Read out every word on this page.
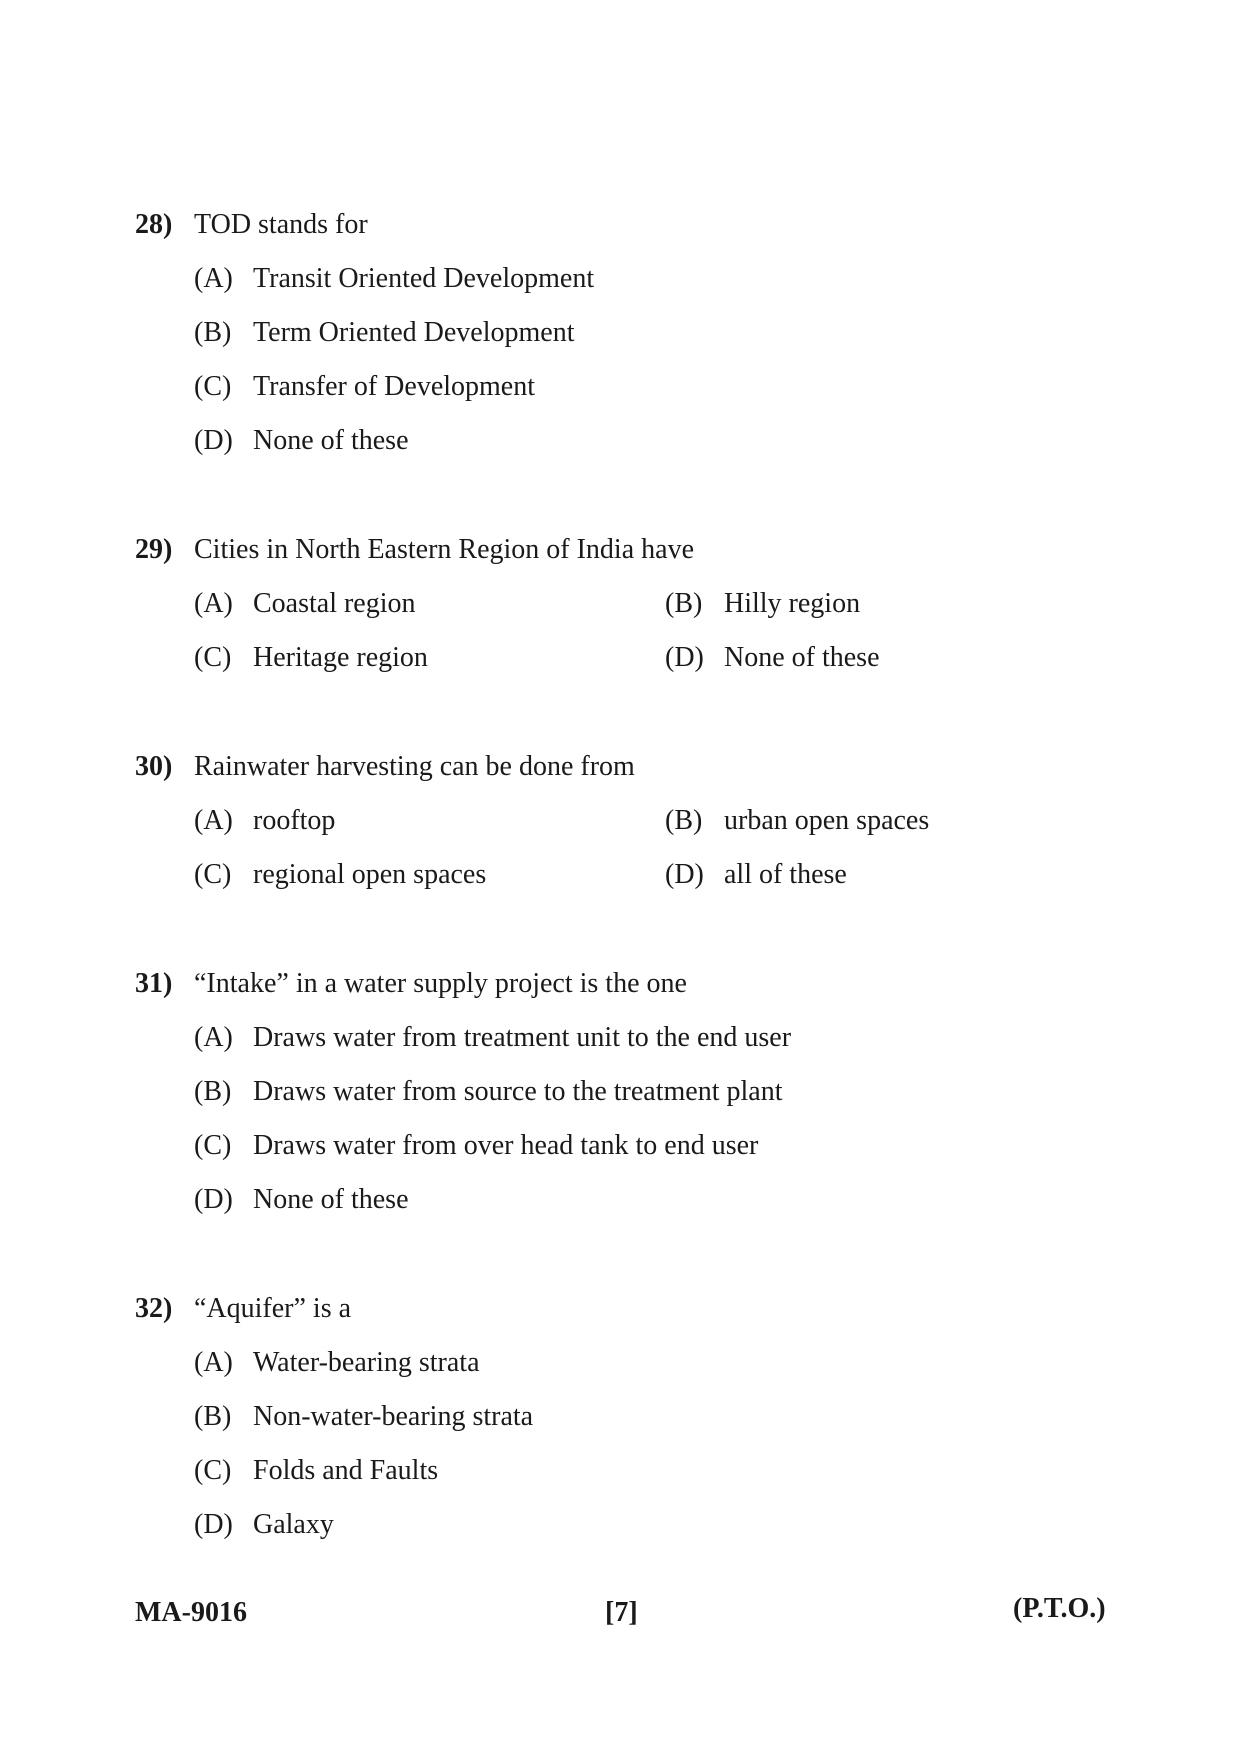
28) TOD stands for
(A) Transit Oriented Development
(B) Term Oriented Development
(C) Transfer of Development
(D) None of these
29) Cities in North Eastern Region of India have
(A) Coastal region	(B) Hilly region
(C) Heritage region	(D) None of these
30) Rainwater harvesting can be done from
(A) rooftop	(B) urban open spaces
(C) regional open spaces	(D) all of these
31) “Intake” in a water supply project is the one
(A) Draws water from treatment unit to the end user
(B) Draws water from source to the treatment plant
(C) Draws water from over head tank to end user
(D) None of these
32) “Aquifer” is a
(A) Water-bearing strata
(B) Non-water-bearing strata
(C) Folds and Faults
(D) Galaxy
MA-9016	[7]	(P.T.O.)
